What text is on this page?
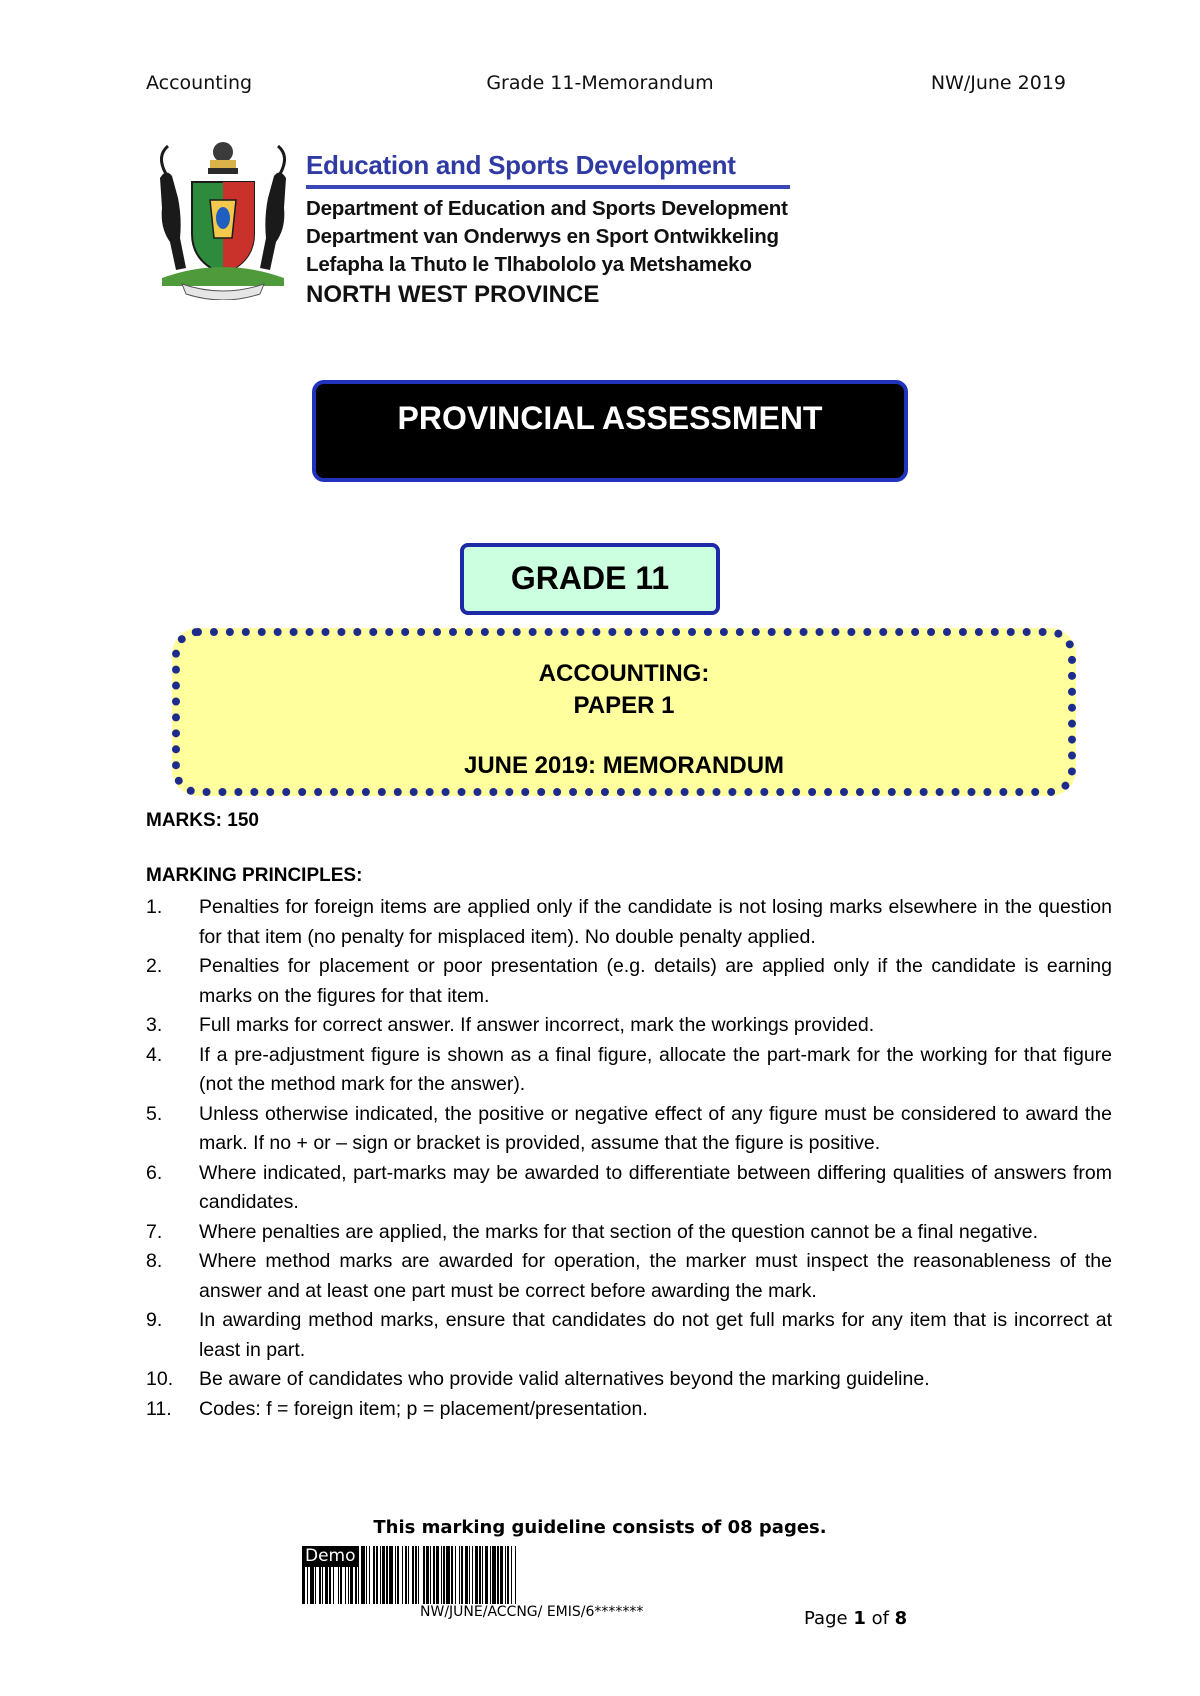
Accounting	Grade 11-Memorandum	NW/June 2019
Education and Sports Development
Department of Education and Sports Development
Department van Onderwys en Sport Ontwikkeling
Lefapha la Thuto le Tlhabololo ya Metshameko
NORTH WEST PROVINCE
PROVINCIAL ASSESSMENT
GRADE 11
ACCOUNTING:
PAPER 1
JUNE 2019: MEMORANDUM
MARKS: 150
MARKING PRINCIPLES:
1. Penalties for foreign items are applied only if the candidate is not losing marks elsewhere in the question for that item (no penalty for misplaced item). No double penalty applied.
2. Penalties for placement or poor presentation (e.g. details) are applied only if the candidate is earning marks on the figures for that item.
3. Full marks for correct answer. If answer incorrect, mark the workings provided.
4. If a pre-adjustment figure is shown as a final figure, allocate the part-mark for the working for that figure (not the method mark for the answer).
5. Unless otherwise indicated, the positive or negative effect of any figure must be considered to award the mark. If no + or – sign or bracket is provided, assume that the figure is positive.
6. Where indicated, part-marks may be awarded to differentiate between differing qualities of answers from candidates.
7. Where penalties are applied, the marks for that section of the question cannot be a final negative.
8. Where method marks are awarded for operation, the marker must inspect the reasonableness of the answer and at least one part must be correct before awarding the mark.
9. In awarding method marks, ensure that candidates do not get full marks for any item that is incorrect at least in part.
10. Be aware of candidates who provide valid alternatives beyond the marking guideline.
11. Codes: f = foreign item; p = placement/presentation.
This marking guideline consists of 08 pages.
Demo
NW/JUNE/ACCNG/ EMIS/6*******	Page 1 of 8
